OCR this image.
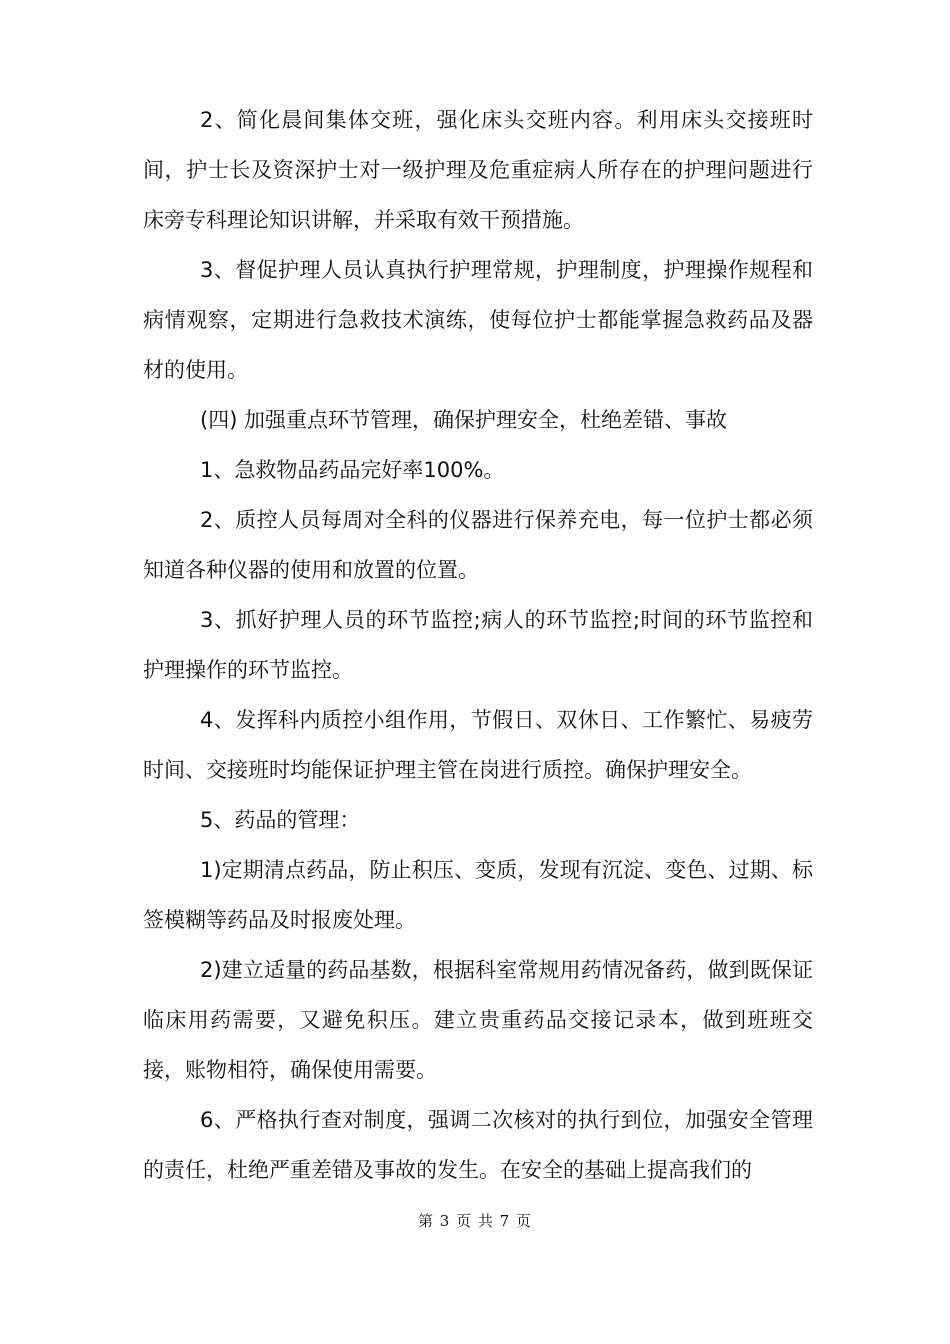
2、简化晨间集体交班，强化床头交班内容。利用床头交接班时间，护士长及资深护士对一级护理及危重症病人所存在的护理问题进行床旁专科理论知识讲解，并采取有效干预措施。

3、督促护理人员认真执行护理常规，护理制度，护理操作规程和病情观察，定期进行急救技术演练，使每位护士都能掌握急救药品及器材的使用。

(四) 加强重点环节管理，确保护理安全，杜绝差错、事故

1、急救物品药品完好率100%。

2、质控人员每周对全科的仪器进行保养充电，每一位护士都必须知道各种仪器的使用和放置的位置。

3、抓好护理人员的环节监控;病人的环节监控;时间的环节监控和护理操作的环节监控。

4、发挥科内质控小组作用，节假日、双休日、工作繁忙、易疲劳时间、交接班时均能保证护理主管在岗进行质控。确保护理安全。

5、药品的管理：

1)定期清点药品，防止积压、变质，发现有沉淀、变色、过期、标签模糊等药品及时报废处理。

2)建立适量的药品基数，根据科室常规用药情况备药，做到既保证临床用药需要，又避免积压。建立贵重药品交接记录本，做到班班交接，账物相符，确保使用需要。

6、严格执行查对制度，强调二次核对的执行到位，加强安全管理的责任，杜绝严重差错及事故的发生。在安全的基础上提高我们的

第 3 页 共 7 页
